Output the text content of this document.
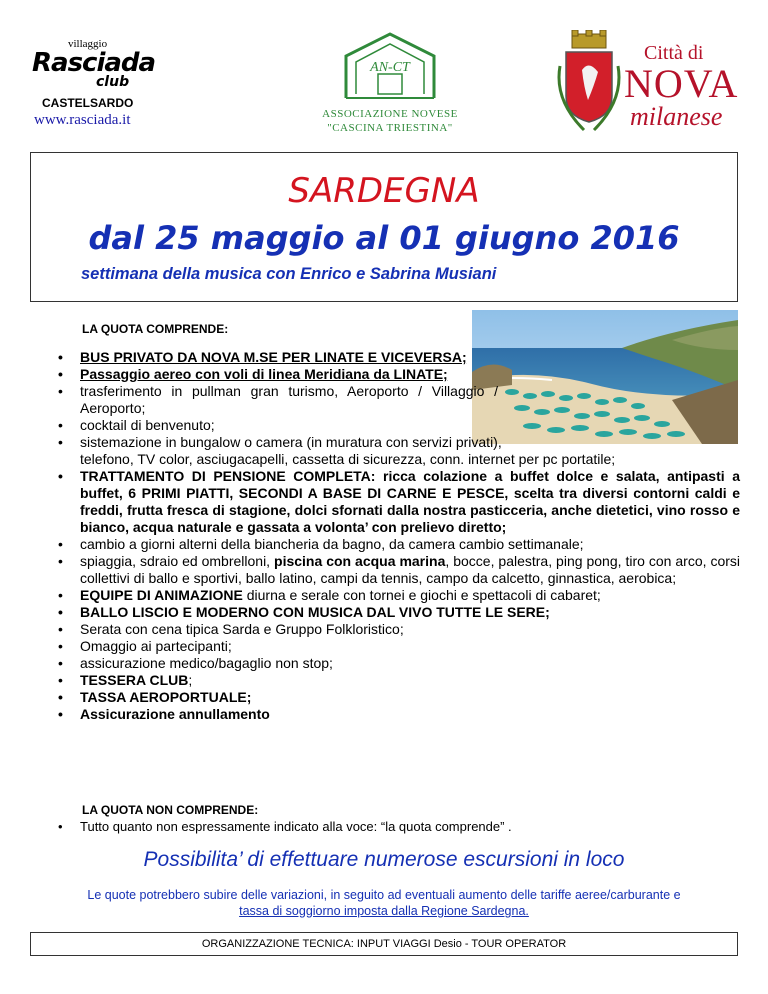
villaggio
Rasciada
club
CASTELSARDO
www.rasciada.it
AN-CT
ASSOCIAZIONE NOVESE
"CASCINA TRIESTINA"
Città di
NOVA
milanese
SARDEGNA
dal 25 maggio al 01 giugno 2016
settimana della musica con Enrico e Sabrina Musiani
LA QUOTA COMPRENDE:
• BUS PRIVATO DA NOVA M.SE PER LINATE E VICEVERSA;
• Passaggio aereo con voli di linea Meridiana da LINATE;
• trasferimento in pullman gran turismo, Aeroporto / Villaggio / Aeroporto;
• cocktail di benvenuto;
• sistemazione in bungalow o camera (in muratura con servizi privati),
telefono, TV color, asciugacapelli, cassetta di sicurezza, conn. internet per pc portatile;
• TRATTAMENTO DI PENSIONE COMPLETA: ricca colazione a buffet dolce e salata, antipasti a buffet, 6 PRIMI PIATTI, SECONDI A BASE DI CARNE E PESCE, scelta tra diversi contorni caldi e freddi, frutta fresca di stagione, dolci sfornati dalla nostra pasticceria, anche dietetici, vino rosso e bianco, acqua naturale e gassata a volonta’ con prelievo diretto;
• cambio a giorni alterni della biancheria da bagno, da camera cambio settimanale;
• spiaggia, sdraio ed ombrelloni, piscina con acqua marina, bocce, palestra, ping pong, tiro con arco, corsi collettivi di ballo e sportivi, ballo latino, campi da tennis, campo da calcetto, ginnastica, aerobica;
• EQUIPE DI ANIMAZIONE diurna e serale con tornei e giochi e spettacoli di cabaret;
• BALLO LISCIO E MODERNO CON MUSICA DAL VIVO TUTTE LE SERE;
• Serata con cena tipica Sarda e Gruppo Folkloristico;
• Omaggio ai partecipanti;
• assicurazione medico/bagaglio non stop;
• TESSERA CLUB;
• TASSA AEROPORTUALE;
• Assicurazione annullamento
LA QUOTA NON COMPRENDE:
• Tutto quanto non espressamente indicato alla voce: “la quota comprende” .
Possibilita’ di effettuare numerose escursioni in loco
Le quote potrebbero subire delle variazioni, in seguito ad eventuali aumento delle tariffe aeree/carburante e
tassa di soggiorno imposta dalla Regione Sardegna.
ORGANIZZAZIONE TECNICA: INPUT VIAGGI Desio - TOUR OPERATOR
